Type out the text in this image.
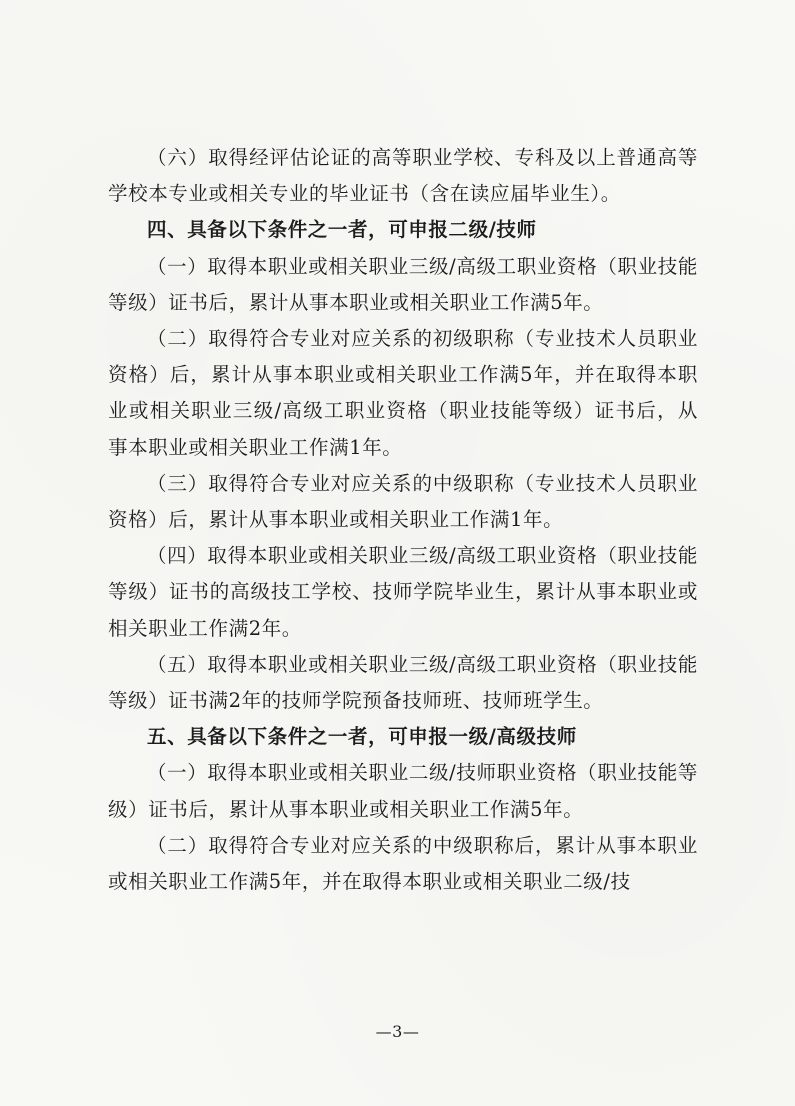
（六）取得经评估论证的高等职业学校、专科及以上普通高等学校本专业或相关专业的毕业证书（含在读应届毕业生）。

四、具备以下条件之一者，可申报二级/技师

（一）取得本职业或相关职业三级/高级工职业资格（职业技能等级）证书后，累计从事本职业或相关职业工作满5年。

（二）取得符合专业对应关系的初级职称（专业技术人员职业资格）后，累计从事本职业或相关职业工作满5年，并在取得本职业或相关职业三级/高级工职业资格（职业技能等级）证书后，从事本职业或相关职业工作满1年。

（三）取得符合专业对应关系的中级职称（专业技术人员职业资格）后，累计从事本职业或相关职业工作满1年。

（四）取得本职业或相关职业三级/高级工职业资格（职业技能等级）证书的高级技工学校、技师学院毕业生，累计从事本职业或相关职业工作满2年。

（五）取得本职业或相关职业三级/高级工职业资格（职业技能等级）证书满2年的技师学院预备技师班、技师班学生。

五、具备以下条件之一者，可申报一级/高级技师

（一）取得本职业或相关职业二级/技师职业资格（职业技能等级）证书后，累计从事本职业或相关职业工作满5年。

（二）取得符合专业对应关系的中级职称后，累计从事本职业或相关职业工作满5年，并在取得本职业或相关职业二级/技

—3—
